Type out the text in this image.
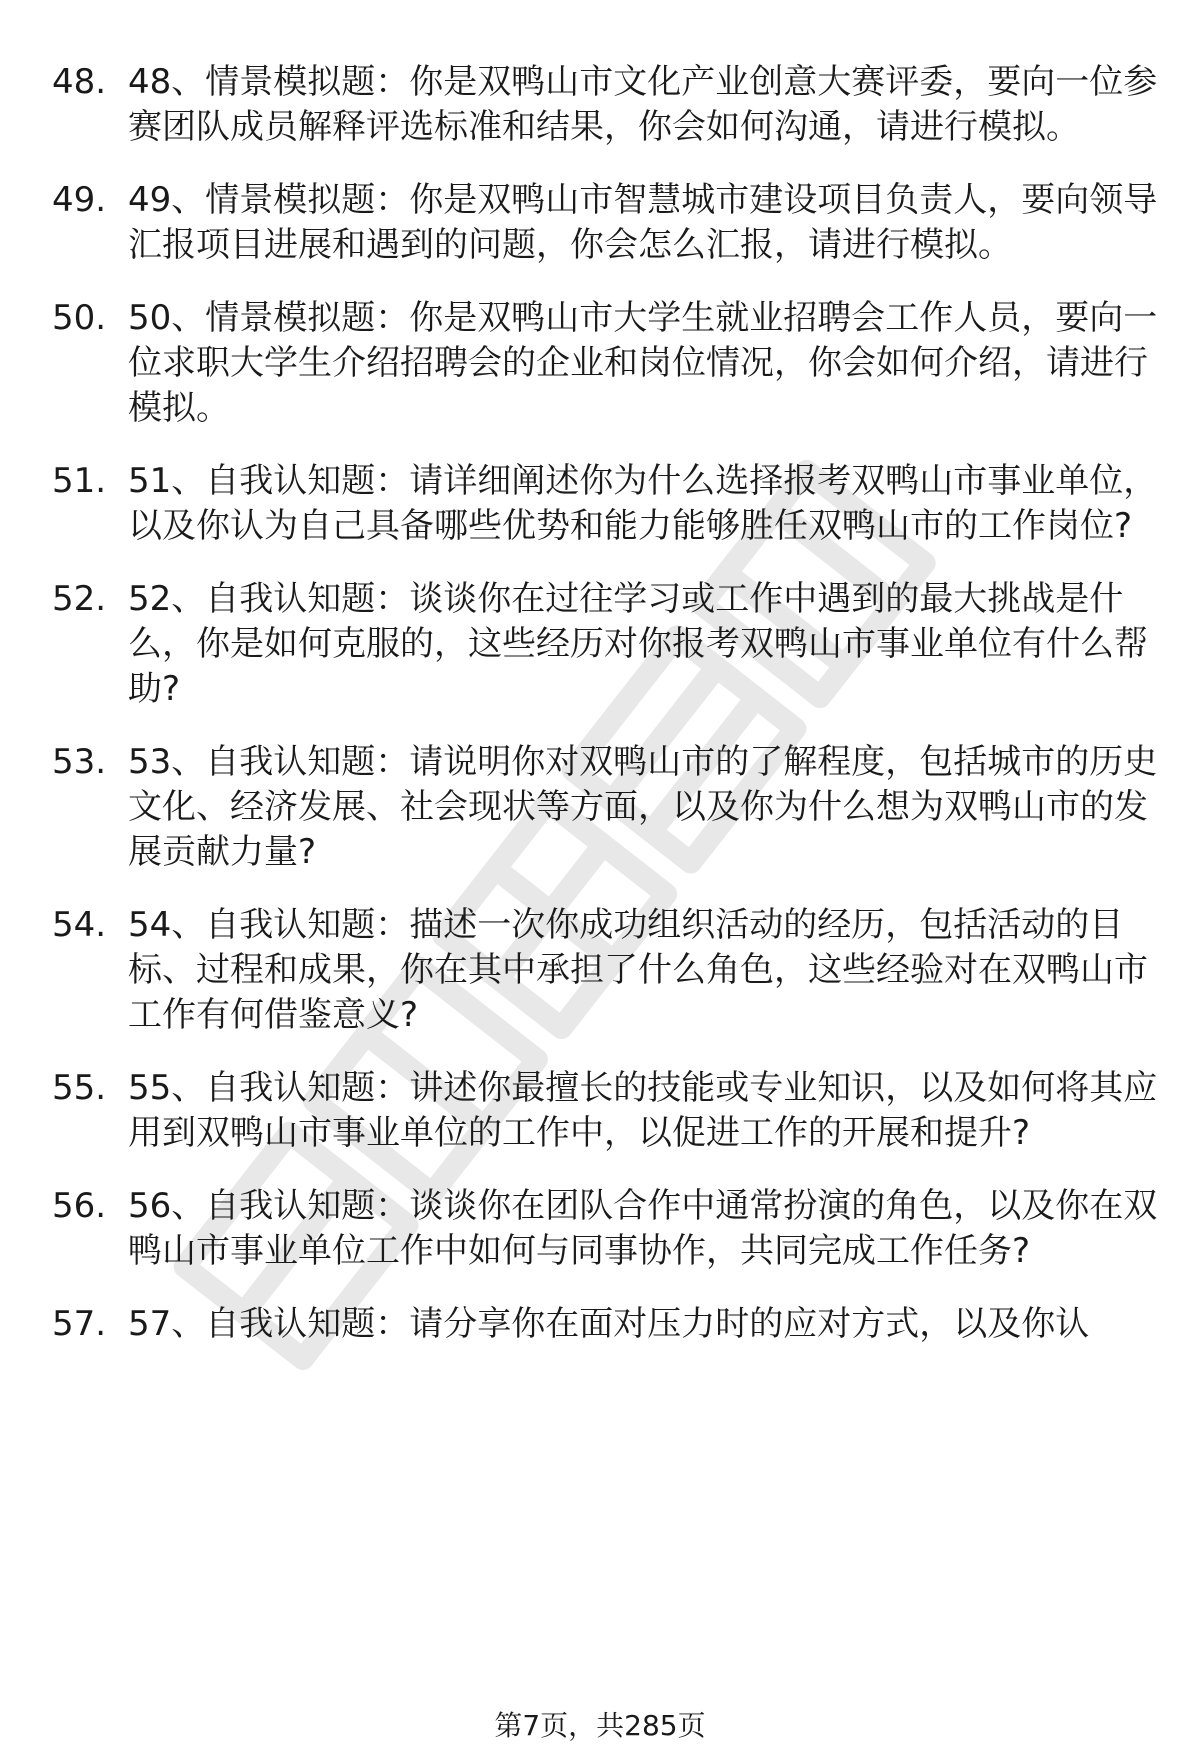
48. 48、情景模拟题：你是双鸭山市文化产业创意大赛评委，要向一位参赛团队成员解释评选标准和结果，你会如何沟通，请进行模拟。
49. 49、情景模拟题：你是双鸭山市智慧城市建设项目负责人，要向领导汇报项目进展和遇到的问题，你会怎么汇报，请进行模拟。
50. 50、情景模拟题：你是双鸭山市大学生就业招聘会工作人员，要向一位求职大学生介绍招聘会的企业和岗位情况，你会如何介绍，请进行模拟。
51. 51、自我认知题：请详细阐述你为什么选择报考双鸭山市事业单位，以及你认为自己具备哪些优势和能力能够胜任双鸭山市的工作岗位?
52. 52、自我认知题：谈谈你在过往学习或工作中遇到的最大挑战是什么，你是如何克服的，这些经历对你报考双鸭山市事业单位有什么帮助?
53. 53、自我认知题：请说明你对双鸭山市的了解程度，包括城市的历史文化、经济发展、社会现状等方面，以及你为什么想为双鸭山市的发展贡献力量?
54. 54、自我认知题：描述一次你成功组织活动的经历，包括活动的目标、过程和成果，你在其中承担了什么角色，这些经验对在双鸭山市工作有何借鉴意义?
55. 55、自我认知题：讲述你最擅长的技能或专业知识，以及如何将其应用到双鸭山市事业单位的工作中，以促进工作的开展和提升?
56. 56、自我认知题：谈谈你在团队合作中通常扮演的角色，以及你在双鸭山市事业单位工作中如何与同事协作，共同完成工作任务?
57. 57、自我认知题：请分享你在面对压力时的应对方式，以及你认
第7页，共285页
